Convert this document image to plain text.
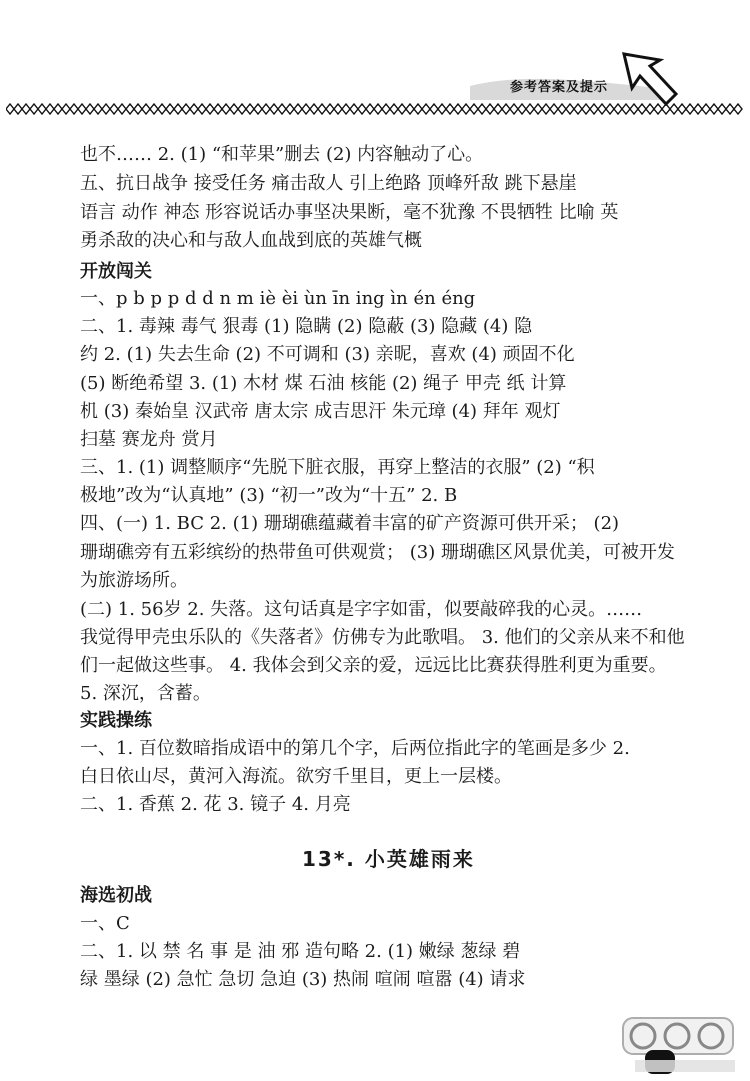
参考答案及提示
也不…… 2. (1) “和苹果”删去 (2) 内容触动了心。
五、抗日战争 接受任务 痛击敌人 引上绝路 顶峰歼敌 跳下悬崖
语言 动作 神态 形容说话办事坚决果断，毫不犹豫 不畏牺牲 比喻 英
勇杀敌的决心和与敌人血战到底的英雄气概
开放闯关
一、p b p p d d n m iè èi ùn īn ing ìn én éng
二、1. 毒辣 毒气 狠毒 (1) 隐瞒 (2) 隐蔽 (3) 隐藏 (4) 隐
约 2. (1) 失去生命 (2) 不可调和 (3) 亲昵，喜欢 (4) 顽固不化
(5) 断绝希望 3. (1) 木材 煤 石油 核能 (2) 绳子 甲壳 纸 计算
机 (3) 秦始皇 汉武帝 唐太宗 成吉思汗 朱元璋 (4) 拜年 观灯
扫墓 赛龙舟 赏月
三、1. (1) 调整顺序“先脱下脏衣服，再穿上整洁的衣服” (2) “积
极地”改为“认真地” (3) “初一”改为“十五” 2. B
四、(一) 1. BC 2. (1) 珊瑚礁蕴藏着丰富的矿产资源可供开采； (2)
珊瑚礁旁有五彩缤纷的热带鱼可供观赏； (3) 珊瑚礁区风景优美，可被开发
为旅游场所。
(二) 1. 56岁 2. 失落。这句话真是字字如雷，似要敲碎我的心灵。……
我觉得甲壳虫乐队的《失落者》仿佛专为此歌唱。 3. 他们的父亲从来不和他
们一起做这些事。 4. 我体会到父亲的爱，远远比比赛获得胜利更为重要。
5. 深沉，含蓄。
实践操练
一、1. 百位数暗指成语中的第几个字，后两位指此字的笔画是多少 2.
白日依山尽，黄河入海流。欲穷千里目，更上一层楼。
二、1. 香蕉 2. 花 3. 镜子 4. 月亮
海选初战
一、C
二、1. 以 禁 名 事 是 油 邪 造句略 2. (1) 嫩绿 葱绿 碧
绿 墨绿 (2) 急忙 急切 急迫 (3) 热闹 喧闹 喧嚣 (4) 请求
13*. 小英雄雨来
